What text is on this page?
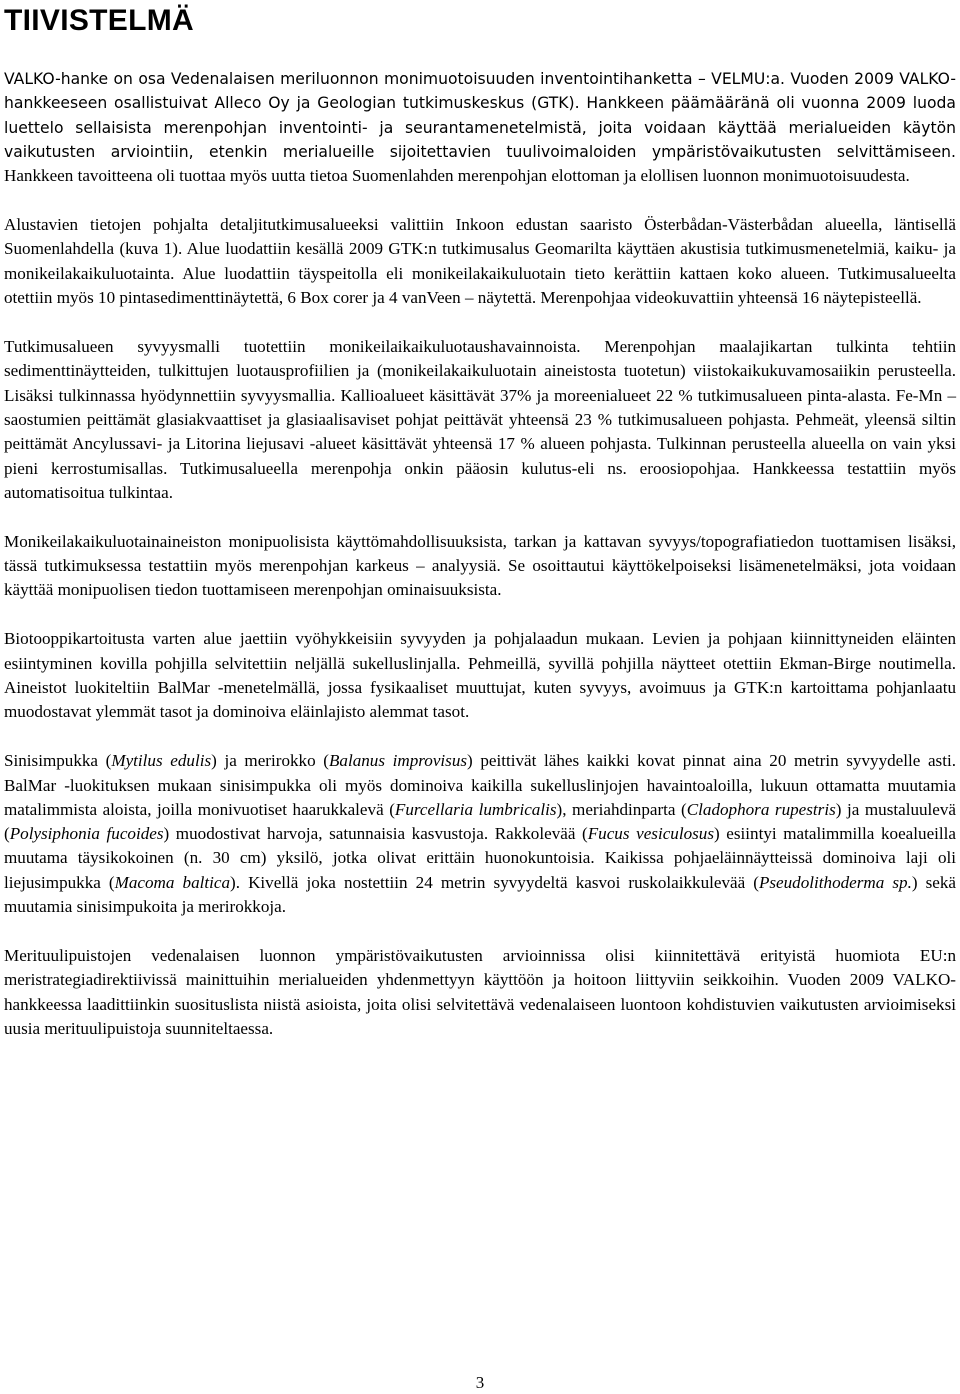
TIIVISTELMÄ

VALKO-hanke on osa Vedenalaisen meriluonnon monimuotoisuuden inventointihanketta – VELMU:a. Vuoden 2009 VALKO-hankkeeseen osallistuivat Alleco Oy ja Geologian tutkimuskeskus (GTK). Hankkeen päämääränä oli vuonna 2009 luoda luettelo sellaisista merenpohjan inventointi- ja seurantamenetelmistä, joita voidaan käyttää merialueiden käytön vaikutusten arviointiin, etenkin merialueille sijoitettavien tuulivoimaloiden ympäristövaikutusten selvittämiseen. Hankkeen tavoitteena oli tuottaa myös uutta tietoa Suomenlahden merenpohjan elottoman ja elollisen luonnon monimuotoisuudesta.

Alustavien tietojen pohjalta detaljitutkimusalueeksi valittiin Inkoon edustan saaristo Österbådan-Västerbådan alueella, läntisellä Suomenlahdella (kuva 1). Alue luodattiin kesällä 2009 GTK:n tutkimusalus Geomarilta käyttäen akustisia tutkimusmenetelmiä, kaiku- ja monikeilakaikuluotainta. Alue luodattiin täyspeitolla eli monikeilakaikuluotain tieto kerättiin kattaen koko alueen. Tutkimusalueelta otettiin myös 10 pintasedimenttinäytettä, 6 Box corer ja 4 vanVeen – näytettä. Merenpohjaa videokuvattiin yhteensä 16 näytepisteellä.

Tutkimusalueen syvyysmalli tuotettiin monikeilaikaikuluotaushavainnoista. Merenpohjan maalajikartan tulkinta tehtiin sedimenttinäytteiden, tulkittujen luotausprofiilien ja (monikeilakaikuluotain aineistosta tuotetun) viistokaikukuvamosaiikin perusteella. Lisäksi tulkinnassa hyödynnettiin syvyysmallia. Kallioalueet käsittävät 37% ja moreenialueet 22 % tutkimusalueen pinta-alasta. Fe-Mn – saostumien peittämät glasiakvaattiset ja glasiaalisaviset pohjat peittävät yhteensä 23 % tutkimusalueen pohjasta. Pehmeät, yleensä siltin peittämät Ancylussavi- ja Litorina liejusavi -alueet käsittävät yhteensä 17 % alueen pohjasta. Tulkinnan perusteella alueella on vain yksi pieni kerrostumisallas. Tutkimusalueella merenpohja onkin pääosin kulutus-eli ns. eroosiopohjaa. Hankkeessa testattiin myös automatisoitua tulkintaa.

Monikeilakaikuluotainaineiston monipuolisista käyttömahdollisuuksista, tarkan ja kattavan syvyys/topografiatiedon tuottamisen lisäksi, tässä tutkimuksessa testattiin myös merenpohjan karkeus – analyysiä. Se osoittautui käyttökelpoiseksi lisämenetelmäksi, jota voidaan käyttää monipuolisen tiedon tuottamiseen merenpohjan ominaisuuksista.

Biotooppikartoitusta varten alue jaettiin vyöhykkeisiin syvyyden ja pohjalaadun mukaan. Levien ja pohjaan kiinnittyneiden eläinten esiintyminen kovilla pohjilla selvitettiin neljällä sukelluslinjalla. Pehmeillä, syvillä pohjilla näytteet otettiin Ekman-Birge noutimella. Aineistot luokiteltiin BalMar -menetelmällä, jossa fysikaaliset muuttujat, kuten syvyys, avoimuus ja GTK:n kartoittama pohjanlaatu muodostavat ylemmät tasot ja dominoiva eläinlajisto alemmat tasot.

Sinisimpukka (Mytilus edulis) ja merirokko (Balanus improvisus) peittivät lähes kaikki kovat pinnat aina 20 metrin syvyydelle asti. BalMar -luokituksen mukaan sinisimpukka oli myös dominoiva kaikilla sukelluslinjojen havaintoaloilla, lukuun ottamatta muutamia matalimmista aloista, joilla monivuotiset haarukkalevä (Furcellaria lumbricalis), meriahdinparta (Cladophora rupestris) ja mustaluulevä (Polysiphonia fucoides) muodostivat harvoja, satunnaisia kasvustoja. Rakkolevää (Fucus vesiculosus) esiintyi matalimmilla koealueilla muutama täysikokoinen (n. 30 cm) yksilö, jotka olivat erittäin huonokuntoisia. Kaikissa pohjaeläinnäytteissä dominoiva laji oli liejusimpukka (Macoma baltica). Kivellä joka nostettiin 24 metrin syvyydeltä kasvoi ruskolaikkulevää (Pseudolithoderma sp.) sekä muutamia sinisimpukoita ja merirokkoja.

Merituulipuistojen vedenalaisen luonnon ympäristövaikutusten arvioinnissa olisi kiinnitettävä erityistä huomiota EU:n meristrategiadirektiivissä mainittuihin merialueiden yhdenmettyyn käyttöön ja hoitoon liittyviin seikkoihin. Vuoden 2009 VALKO-hankkeessa laadittiinkin suosituslista niistä asioista, joita olisi selvitettävä vedenalaiseen luontoon kohdistuvien vaikutusten arvioimiseksi uusia merituulipuistoja suunniteltaessa.

3
